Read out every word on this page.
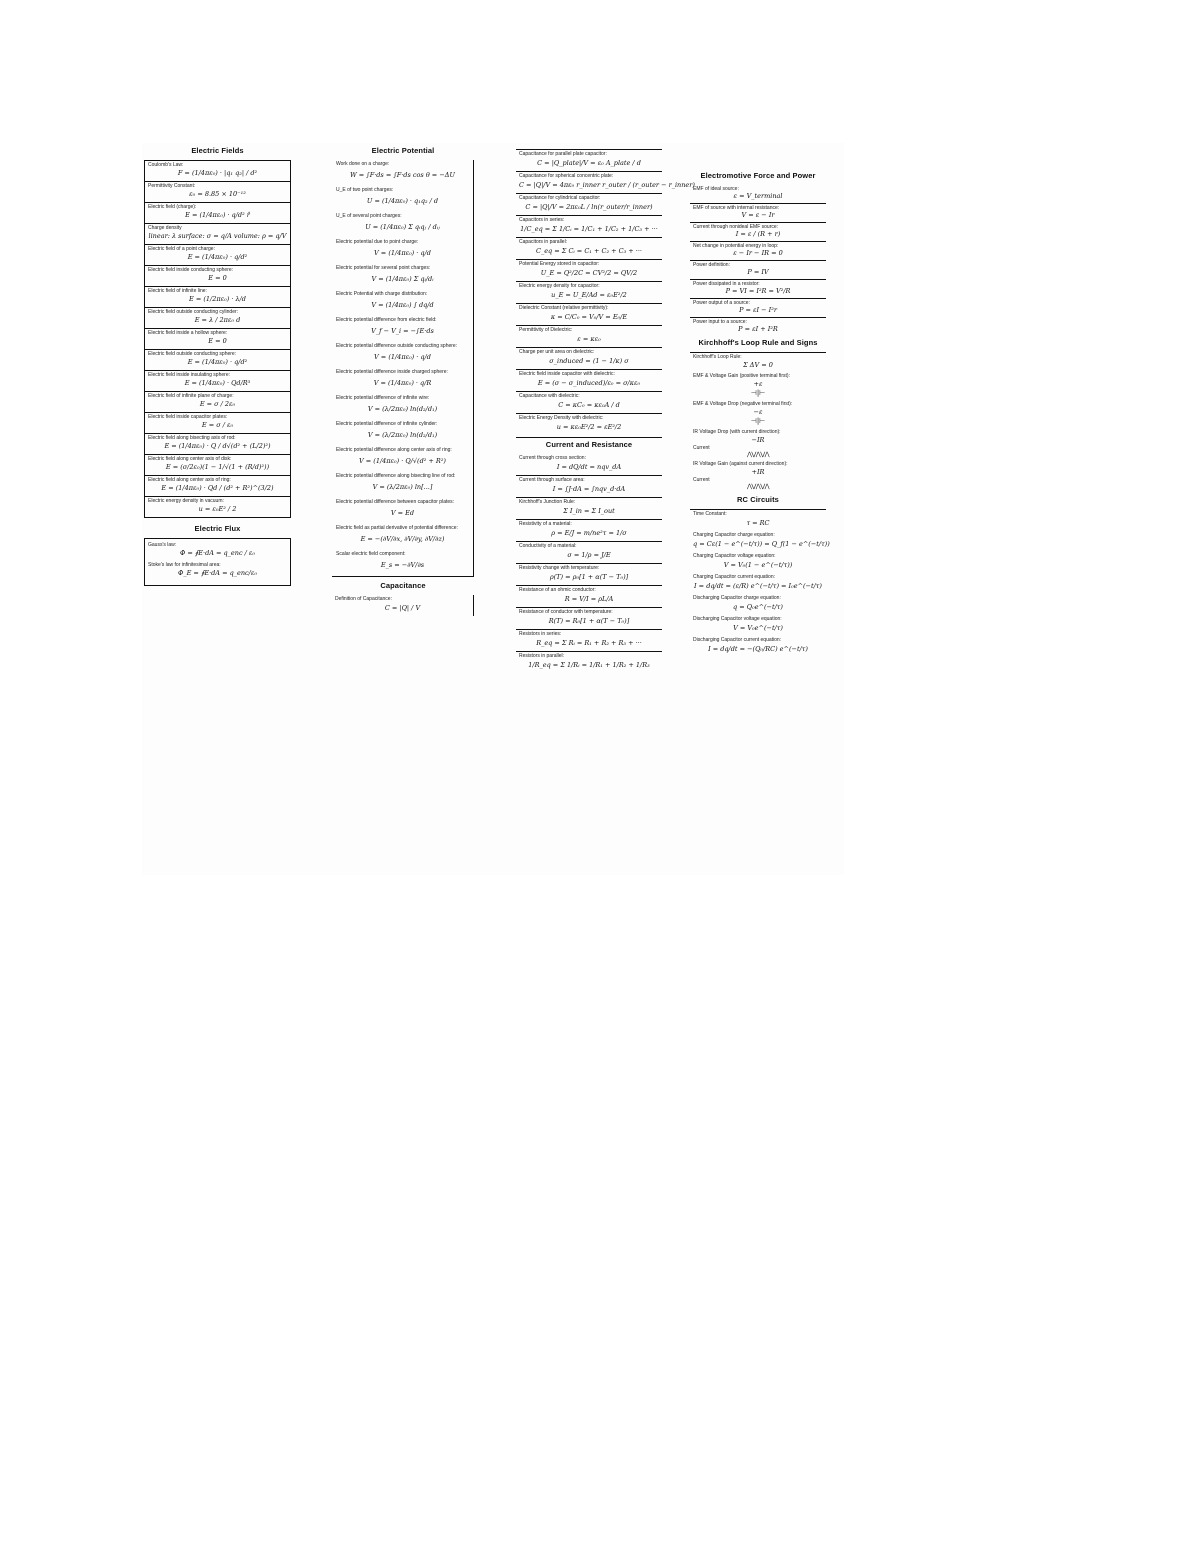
Electric Fields
Coulomb's Law:
F = (1/4πε₀) · |q₁ q₂| / d²
Permittivity Constant:
ε₀ = 8.85 × 10⁻¹²
Electric field (charge):
E = (1/4πε₀) · q/d² r̂
Charge density
linear: λ surface: σ = q/A volume: ρ = q/V
Electric field of a point charge:
E = (1/4πε₀) · q/d²
Electric field inside conducting sphere:
E = 0
Electric field of infinite line:
E = (1/2πε₀) · λ/d
Electric field outside conducting cylinder:
E = λ / 2πε₀ d
Electric field inside a hollow sphere:
E = 0
Electric field outside conducting sphere:
E = (1/4πε₀) · q/d²
Electric field inside insulating sphere:
E = (1/4πε₀) · Qd/R³
Electric field of infinite plane of charge:
E = σ / 2ε₀
Electric field inside capacitor plates:
E = σ / ε₀
Electric field along bisecting axis of rod:
E = (1/4πε₀) · Q / d√(d² + (L/2)²)
Electric field along center axis of disk:
E = (σ/2ε₀)(1 − 1/√(1 + (R/d)²))
Electric field along center axis of ring:
E = (1/4πε₀) · Qd / (d² + R²)^(3/2)
Electric energy density in vacuum:
u = ε₀E² / 2
Electric Flux
Gauss's law:
Φ = ∮E·dA = q_enc / ε₀
Stoke's law for infinitesimal area:
Φ_E = ∮E·dA = q_enc/ε₀
Electric Potential
Work done on a charge:
W = ∫F·ds = ∫F·ds cos θ = −ΔU
U_E of two point charges:
U = (1/4πε₀) · q₁q₂ / d
U_E of several point charges:
U = (1/4πε₀) Σ qᵢqⱼ / dᵢⱼ
Electric potential due to point charge:
V = (1/4πε₀) · q/d
Electric potential for several point charges:
V = (1/4πε₀) Σ qᵢ/dᵢ
Electric Potential with charge distribution:
V = (1/4πε₀) ∫ dq/d
Electric potential difference from electric field:
V_f − V_i = −∫E·ds
Electric potential difference outside conducting sphere:
V = (1/4πε₀) · q/d
Electric potential difference inside charged sphere:
V = (1/4πε₀) · q/R
Electric potential difference of infinite wire:
V = (λ/2πε₀) ln(d₂/d₁)
Electric potential difference of infinite cylinder:
V = (λ/2πε₀) ln(d₂/d₁)
Electric potential difference along center axis of ring:
V = (1/4πε₀) · Q/√(d² + R²)
Electric potential difference along bisecting line of rod:
V = (λ/2πε₀) ln[...]
Electric potential difference between capacitor plates:
V = Ed
Electric field as partial derivative of potential difference:
E = −(∂V/∂x, ∂V/∂y, ∂V/∂z)
Scalar electric field component:
E_s = −∂V/∂s
Capacitance
Definition of Capacitance:
C = |Q| / V
Capacitance for parallel plate capacitor:
C = |Q_plate|/V = ε₀ A_plate / d
Capacitance for spherical concentric plate:
C = |Q|/V = 4πε₀ r_inner r_outer / (r_outer − r_inner)
Capacitance for cylindrical capacitor:
C = |Q|/V = 2πε₀L / ln(r_outer/r_inner)
Capacitors in series:
1/C_eq = Σ 1/Cᵢ = 1/C₁ + 1/C₂ + 1/C₃ + ···
Capacitors in parallel:
C_eq = Σ Cᵢ = C₁ + C₂ + C₃ + ···
Potential Energy stored in capacitor:
U_E = Q²/2C = CV²/2 = QV/2
Electric energy density for capacitor:
u_E = U_E/Ad = ε₀E²/2
Dielectric Constant (relative permittivity):
κ = C/C₀ = V₀/V = E₀/E
Permittivity of Dielectric:
ε = κε₀
Charge per unit area on dielectric:
σ_induced = (1 − 1/κ) σ
Electric field inside capacitor with dielectric:
E = (σ − σ_induced)/ε₀ = σ/κε₀
Capacitance with dielectric:
C = κC₀ = κε₀A / d
Electric Energy Density with dielectric:
u = κε₀E²/2 = εE²/2
Current and Resistance
Current through cross section:
I = dQ/dt = nqv_dA
Current through surface area:
I = ∫J·dA = ∫nqv_d·dA
Kirchhoff's Junction Rule:
Σ I_in = Σ I_out
Resistivity of a material:
ρ = E/J = m/ne²τ = 1/σ
Conductivity of a material:
σ = 1/ρ = J/E
Resistivity change with temperature:
ρ(T) = ρ₀[1 + α(T − T₀)]
Resistance of an ohmic conductor:
R = V/I = ρL/A
Resistance of conductor with temperature:
R(T) = R₀[1 + α(T − T₀)]
Resistors in series:
R_eq = Σ Rᵢ = R₁ + R₂ + R₃ + ···
Resistors in parallel:
1/R_eq = Σ 1/Rᵢ = 1/R₁ + 1/R₂ + 1/R₃
Electromotive Force and Power
EMF of ideal source:
ε = V_terminal
EMF of source with internal resistance:
V = ε − Ir
Current through nonideal EMF source:
I = ε / (R + r)
Net change in potential energy in loop:
ε − Ir − IR = 0
Power definition:
P = IV
Power dissipated in a resistor:
P = VI = I²R = V²/R
Power output of a source:
P = εI − I²r
Power input to a source:
P = εI + I²R
Kirchhoff's Loop Rule and Signs
Kirchhoff's Loop Rule:
Σ ΔV = 0
EMF & Voltage Gain (positive terminal first):
+ε
⊣|⊢
EMF & Voltage Drop (negative terminal first):
−ε
⊣|⊢
IR Voltage Drop (with current direction):
−IR
Current
⋀⋁⋀⋁⋀
IR Voltage Gain (against current direction):
+IR
Current
⋀⋁⋀⋁⋀
RC Circuits
Time Constant:
τ = RC
Charging Capacitor charge equation:
q = Cε(1 − e^(−t/τ)) = Q_f(1 − e^(−t/τ))
Charging Capacitor voltage equation:
V = V₀(1 − e^(−t/τ))
Charging Capacitor current equation:
I = dq/dt = (ε/R) e^(−t/τ) = I₀e^(−t/τ)
Discharging Capacitor charge equation:
q = Q₀e^(−t/τ)
Discharging Capacitor voltage equation:
V = V₀e^(−t/τ)
Discharging Capacitor current equation:
I = dq/dt = −(Q₀/RC) e^(−t/τ)
